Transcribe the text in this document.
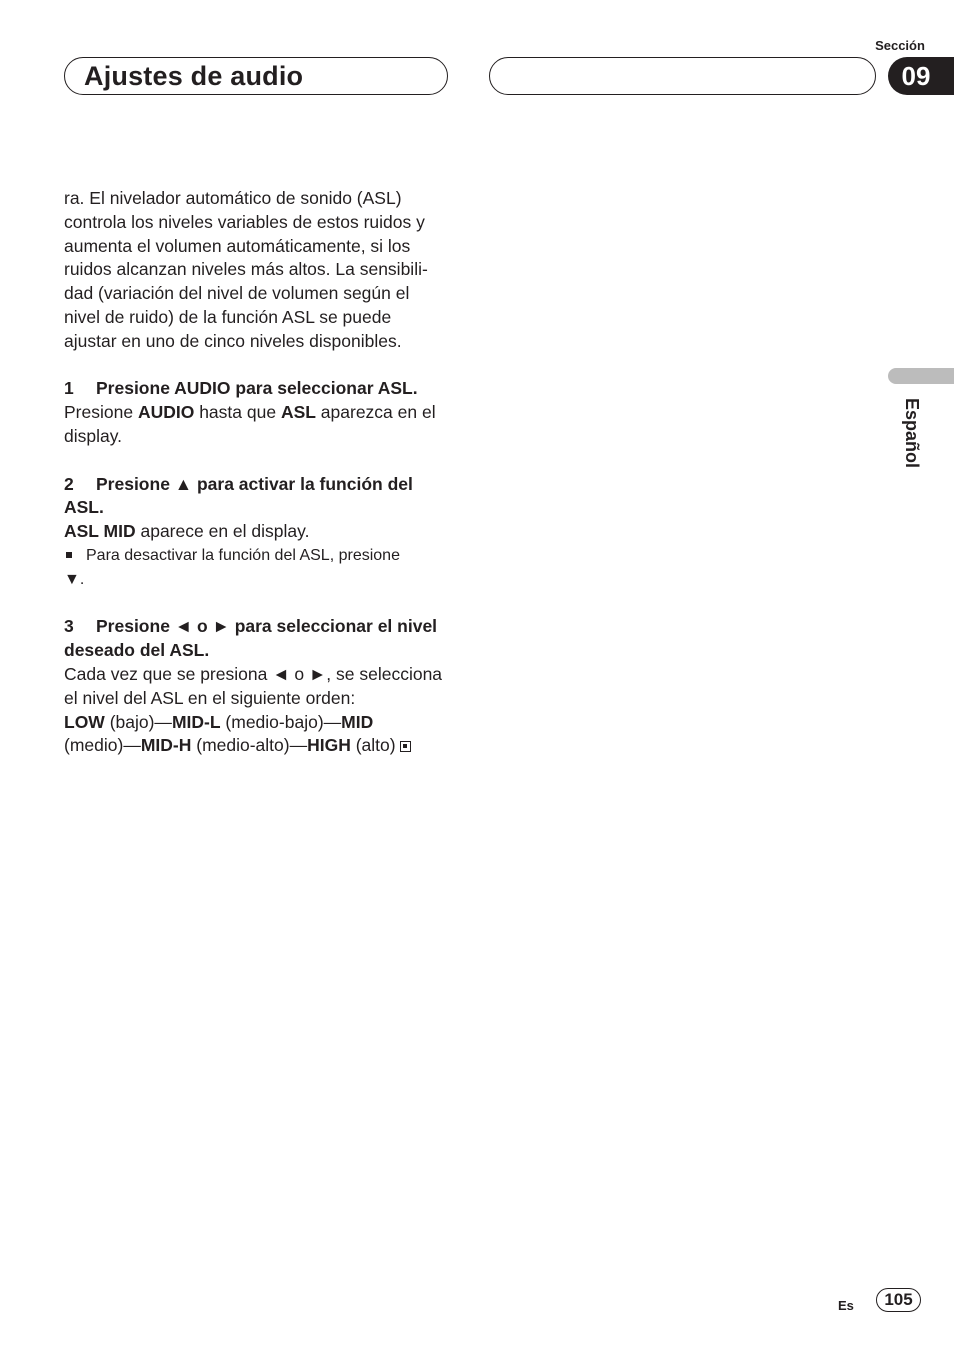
Ajustes de audio
Sección
09
Español

ra. El nivelador automático de sonido (ASL)

controla los niveles variables de estos ruidos y

aumenta el volumen automáticamente, si los

ruidos alcanzan niveles más altos. La sensibili-

dad (variación del nivel de volumen según el

nivel de ruido) de la función ASL se puede

ajustar en uno de cinco niveles disponibles.

1 Presione AUDIO para seleccionar ASL.

Presione AUDIO hasta que ASL aparezca en el display.

2 Presione ▲ para activar la función del

ASL.

ASL MID aparece en el display.

Para desactivar la función del ASL, presione

▼.

3 Presione ◄ o ► para seleccionar el nivel

deseado del ASL.

Cada vez que se presiona ◄ o ►, se selecciona

el nivel del ASL en el siguiente orden:

LOW (bajo)—MID-L (medio-bajo)—MID

(medio)—MID-H (medio-alto)—HIGH (alto)

Es	105
